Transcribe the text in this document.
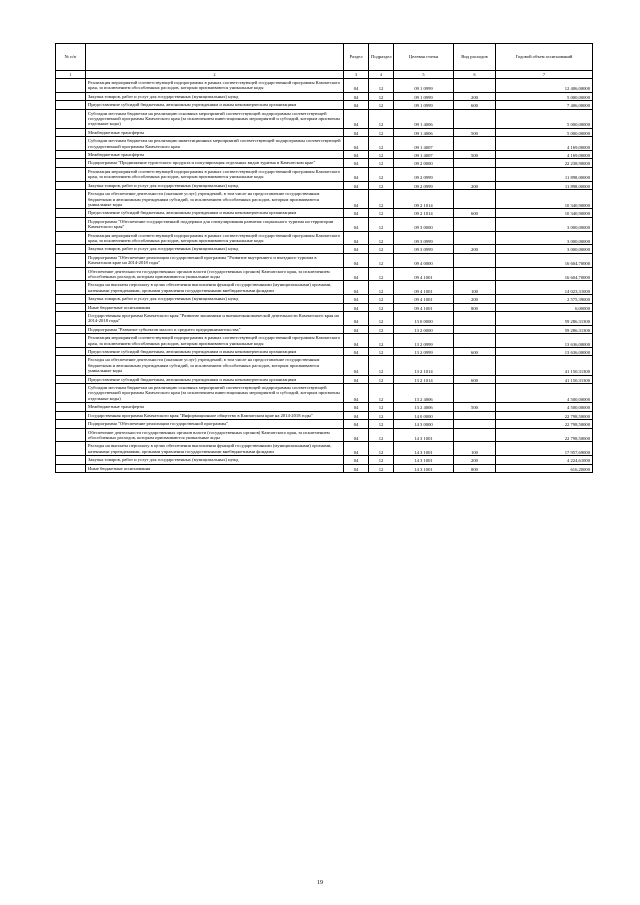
№ п/п		Раздел	Подраздел	Целевая статья	Вид расходов	Годовой объем ассигнований
1	2	3	4	5	6	7
	Реализация мероприятий соответствующей подпрограммы в рамках соответствующей государственной программы Камчатского края, за исключением обособленных расходов, которым присваиваются уникальные коды	04	12	09 1 0999		12 406,00000
	Закупка товаров, работ и услуг для государственных (муниципальных) нужд	04	12	09 1 0999	200	5 000,00000
	Предоставление субсидий бюджетным, автономным учреждениям и иным некоммерческим организациям	04	12	09 1 0999	600	7 406,00000
	Субсидии местным бюджетам на реализацию основных мероприятий соответствующей подпрограммы соответствующей государственной программы Камчатского края (за исключением инвестиционных мероприятий и субсидий, которым присвоены отдельные коды)	04	12	09 1 4006		5 000,00000
	Межбюджетные трансферты	04	12	09 1 4006	500	5 000,00000
	Субсидии местным бюджетам на реализацию инвестиционных мероприятий соответствующей подпрограммы соответствующей государственной программы Камчатского края	04	12	09 1 4007		4 169,00000
	Межбюджетные трансферты	04	12	09 1 4007	500	4 169,00000
	Подпрограмма "Продвижение туристского продукта и популяризация отдельных видов туризма в Камчатском крае"	04	12	09 2 0000		22 238,90000
	Реализация мероприятий соответствующей подпрограммы в рамках соответствующей государственной программы Камчатского края, за исключением обособленных расходов, которым присваиваются уникальные коды	04	12	09 2 0999		11 898,00000
	Закупка товаров, работ и услуг для государственных (муниципальных) нужд	04	12	09 2 0999	200	11 898,00000
	Расходы на обеспечение деятельности (оказание услуг) учреждений, в том числе на предоставление государственным бюджетным и автономным учреждениям субсидий, за исключением обособленных расходов, которым присваиваются уникальные коды	04	12	09 2 1014		10 340,90000
	Предоставление субсидий бюджетным, автономным учреждениям и иным некоммерческим организациям	04	12	09 2 1014	600	10 340,90000
	Подпрограмма "Обеспечение государственной поддержки для стимулирования развития социального туризма на территории Камчатского края"	04	12	09 3 0000		3 000,00000
	Реализация мероприятий соответствующей подпрограммы в рамках соответствующей государственной программы Камчатского края, за исключением обособленных расходов, которым присваиваются уникальные коды	04	12	09 3 0999		3 000,00000
	Закупка товаров, работ и услуг для государственных (муниципальных) нужд	04	12	09 3 0999	200	3 000,00000
	Подпрограмма "Обеспечение реализации государственной программы "Развитие внутреннего и въездного туризма в Камчатском крае на 2014-2018 годы"	04	12	09 4 0000		16 604,70000
	Обеспечение деятельности государственных органов власти (государственных органов) Камчатского края, за исключением обособленных расходов, которым присваиваются уникальные коды	04	12	09 4 1001		16 604,70000
	Расходы на выплаты персоналу в целях обеспечения выполнения функций государственными (муниципальными) органами, казенными учреждениями, органами управления государственными внебюджетными фондами	04	12	09 4 1001	100	14 023,31000
	Закупка товаров, работ и услуг для государственных (муниципальных) нужд	04	12	09 4 1001	200	2 575,39000
	Иные бюджетные ассигнования	04	12	09 4 1001	800	6,00000
	Государственная программа Камчатского края "Развитие экономики и внешнеэкономической деятельности Камчатского края на 2014-2018 годы"	04	12	13 0 0000		59 286,31300
	Подпрограмма "Развитие субъектов малого и среднего предпринимательства"	04	12	13 2 0000		59 286,31300
	Реализация мероприятий соответствующей подпрограммы в рамках соответствующей государственной программы Камчатского края, за исключением обособленных расходов, которым присваиваются уникальные коды	04	12	13 2 0999		13 636,00000
	Предоставление субсидий бюджетным, автономным учреждениям и иным некоммерческим организациям	04	12	13 2 0999	600	13 636,00000
	Расходы на обеспечение деятельности (оказание услуг) учреждений, в том числе на предоставление государственным бюджетным и автономным учреждениям субсидий, за исключением обособленных расходов, которым присваиваются уникальные коды	04	12	13 2 1014		41 150,31300
	Предоставление субсидий бюджетным, автономным учреждениям и иным некоммерческим организациям	04	12	13 2 1014	600	41 150,31300
	Субсидии местным бюджетам на реализацию основных мероприятий соответствующей подпрограммы соответствующей государственной программы Камчатского края (за исключением инвестиционных мероприятий и субсидий, которым присвоены отдельные коды)	04	12	13 2 4006		4 500,00000
	Межбюджетные трансферты	04	12	13 2 4006	500	4 500,00000
	Государственная программа Камчатского края "Информационное общество в Камчатском крае на 2014-2018 годы"	04	12	14 0 0000		22 798,50000
	Подпрограмма "Обеспечение реализации государственной программы"	04	12	14 3 0000		22 798,50000
	Обеспечение деятельности государственных органов власти (государственных органов) Камчатского края, за исключением обособленных расходов, которым присваиваются уникальные коды	04	12	14 3 1001		22 798,50000
	Расходы на выплаты персоналу в целях обеспечения выполнения функций государственными (муниципальными) органами, казенными учреждениями, органами управления государственными внебюджетными фондами	04	12	14 3 1001	100	17 957,69000
	Закупка товаров, работ и услуг для государственных (муниципальных) нужд	04	12	14 3 1001	200	4 224,61000
	Иные бюджетные ассигнования	04	12	14 3 1001	800	616,20000
19
